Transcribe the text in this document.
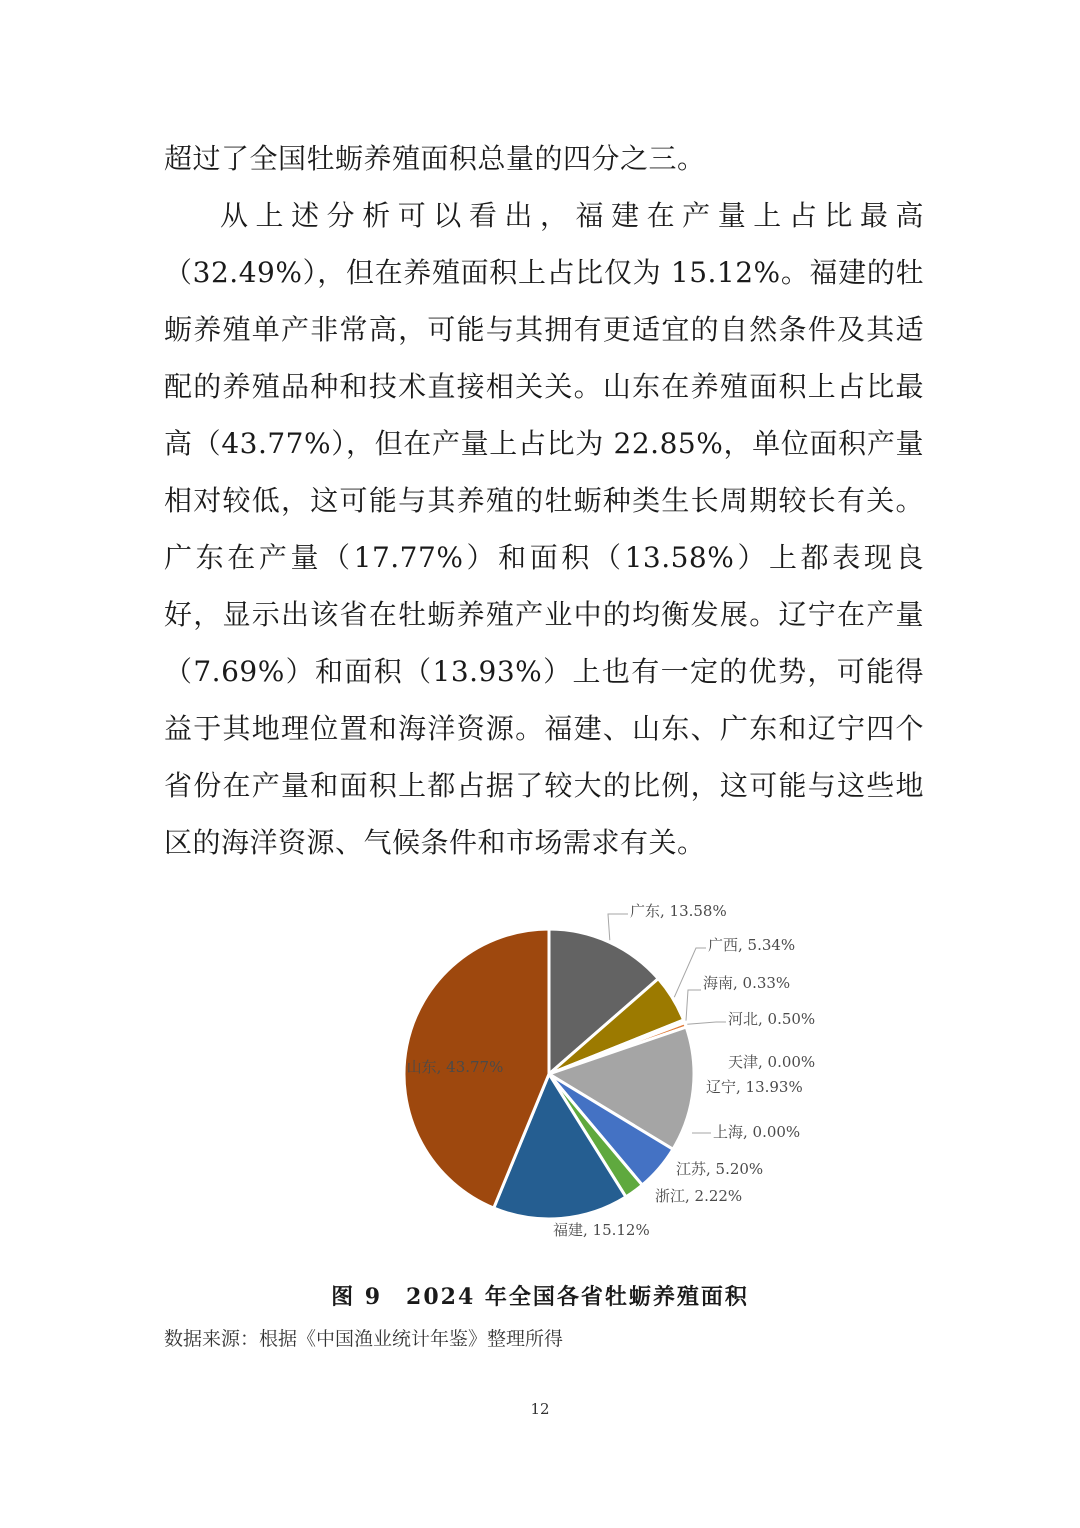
超过了全国牡蛎养殖面积总量的四分之三。

从上述分析可以看出，福建在产量上占比最高（32.49%），但在养殖面积上占比仅为 15.12%。福建的牡蛎养殖单产非常高，可能与其拥有更适宜的自然条件及其适配的养殖品种和技术直接相关关。山东在养殖面积上占比最高（43.77%），但在产量上占比为 22.85%，单位面积产量相对较低，这可能与其养殖的牡蛎种类生长周期较长有关。广东在产量（17.77%）和面积（13.58%）上都表现良好，显示出该省在牡蛎养殖产业中的均衡发展。辽宁在产量（7.69%）和面积（13.93%）上也有一定的优势，可能得益于其地理位置和海洋资源。福建、山东、广东和辽宁四个省份在产量和面积上都占据了较大的比例，这可能与这些地区的海洋资源、气候条件和市场需求有关。

广东, 13.58%
广西, 5.34%
海南, 0.33%
河北, 0.50%
天津, 0.00%
辽宁, 13.93%
上海, 0.00%
江苏, 5.20%
浙江, 2.22%
福建, 15.12%
山东, 43.77%
图 9　2024 年全国各省牡蛎养殖面积
数据来源：根据《中国渔业统计年鉴》整理所得
12
